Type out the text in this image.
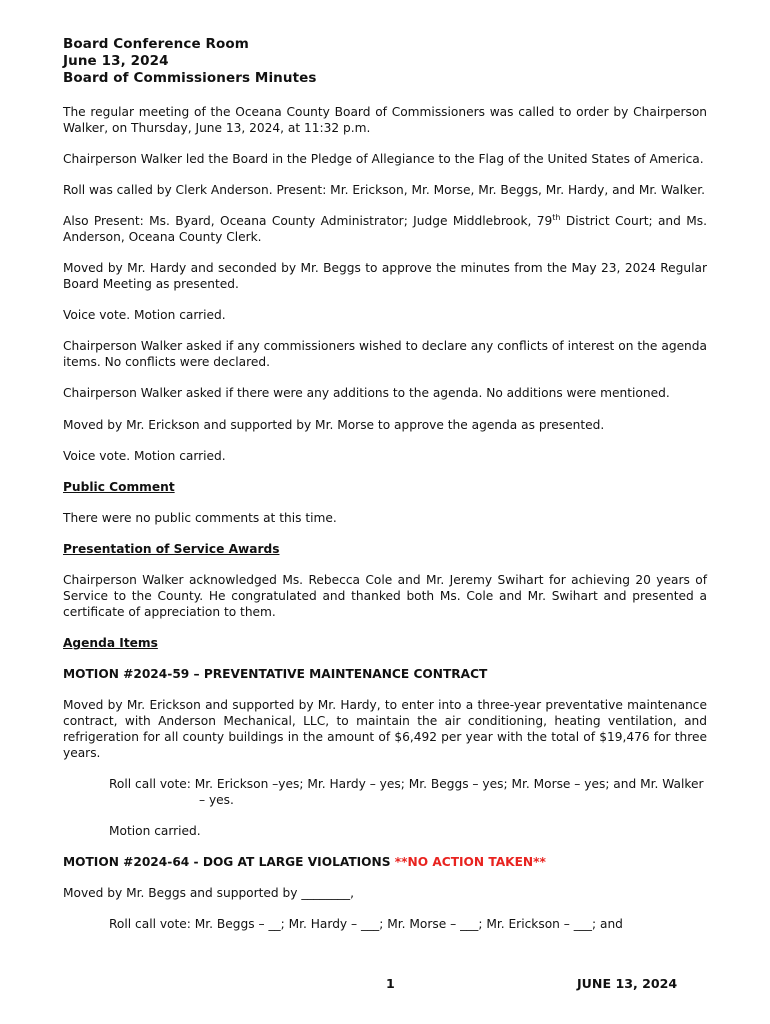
Board Conference Room
June 13, 2024
Board of Commissioners Minutes

The regular meeting of the Oceana County Board of Commissioners was called to order by Chairperson Walker, on Thursday, June 13, 2024, at 11:32 p.m.

Chairperson Walker led the Board in the Pledge of Allegiance to the Flag of the United States of America.

Roll was called by Clerk Anderson. Present: Mr. Erickson, Mr. Morse, Mr. Beggs, Mr. Hardy, and Mr. Walker.

Also Present: Ms. Byard, Oceana County Administrator; Judge Middlebrook, 79th District Court; and Ms. Anderson, Oceana County Clerk.

Moved by Mr. Hardy and seconded by Mr. Beggs to approve the minutes from the May 23, 2024 Regular Board Meeting as presented.

Voice vote. Motion carried.

Chairperson Walker asked if any commissioners wished to declare any conflicts of interest on the agenda items. No conflicts were declared.

Chairperson Walker asked if there were any additions to the agenda. No additions were mentioned.

Moved by Mr. Erickson and supported by Mr. Morse to approve the agenda as presented.

Voice vote. Motion carried.

Public Comment

There were no public comments at this time.

Presentation of Service Awards

Chairperson Walker acknowledged Ms. Rebecca Cole and Mr. Jeremy Swihart for achieving 20 years of Service to the County. He congratulated and thanked both Ms. Cole and Mr. Swihart and presented a certificate of appreciation to them.

Agenda Items

MOTION #2024-59 – PREVENTATIVE MAINTENANCE CONTRACT

Moved by Mr. Erickson and supported by Mr. Hardy, to enter into a three-year preventative maintenance contract, with Anderson Mechanical, LLC, to maintain the air conditioning, heating ventilation, and refrigeration for all county buildings in the amount of $6,492 per year with the total of $19,476 for three years.

Roll call vote: Mr. Erickson –yes; Mr. Hardy – yes; Mr. Beggs – yes; Mr. Morse – yes; and Mr. Walker – yes.

Motion carried.

MOTION #2024-64 - DOG AT LARGE VIOLATIONS **NO ACTION TAKEN**

Moved by Mr. Beggs and supported by ________,

Roll call vote: Mr. Beggs – __; Mr. Hardy – ___; Mr. Morse – ___; Mr. Erickson – ___; and

1	JUNE 13, 2024
